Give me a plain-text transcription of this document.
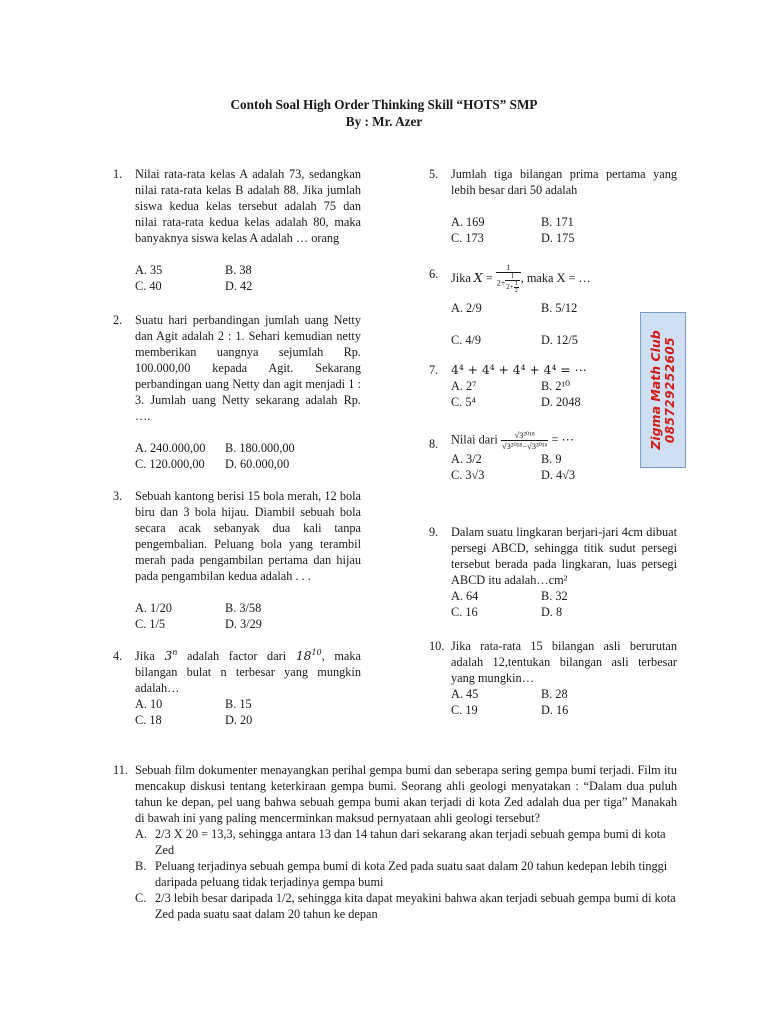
Contoh Soal High Order Thinking Skill “HOTS” SMP
By : Mr. Azer
1. Nilai rata-rata kelas A adalah 73, sedangkan nilai rata-rata kelas B adalah 88. Jika jumlah siswa kedua kelas tersebut adalah 75 dan nilai rata-rata kedua kelas adalah 80, maka banyaknya siswa kelas A adalah … orang
A. 35	B. 38
C. 40	D. 42
2. Suatu hari perbandingan jumlah uang Netty dan Agit adalah 2 : 1. Sehari kemudian netty memberikan uangnya sejumlah Rp. 100.000,00 kepada Agit. Sekarang perbandingan uang Netty dan agit menjadi 1 : 3. Jumlah uang Netty sekarang adalah Rp. ….
A. 240.000,00	B. 180.000,00
C. 120.000,00	D. 60.000,00
3. Sebuah kantong berisi 15 bola merah, 12 bola biru dan 3 bola hijau. Diambil sebuah bola secara acak sebanyak dua kali tanpa pengembalian. Peluang bola yang terambil merah pada pengambilan pertama dan hijau pada pengambilan kedua adalah . . .
A. 1/20	B. 3/58
C. 1/5	D. 3/29
4. Jika 3$^n$ adalah factor dari $18^{10}$, maka bilangan bulat n terbesar yang mungkin adalah…
A. 10	B. 15
C. 18	D. 20
5. Jumlah tiga bilangan prima pertama yang lebih besar dari 50 adalah
A. 169	B. 171
C. 173	D. 175
6. Jika $X = \frac{1}{2+ \frac{1}{2+ \frac{1}{2}}}$ , maka X = …
A. 2/9	B. 5/12
C. 4/9	D. 12/5
7. 4⁴ + 4⁴ + 4⁴ + 4⁴ = ⋯
A. 2⁷	B. 2¹⁰
C. 5⁴	D. 2048
8. Nilai dari $\frac{\text{√3²⁰¹⁸}}{\text{√3²⁰¹⁸−√3²⁰¹⁶}}$ = ⋯
A. 3/2	B. 9
C. 3√3	D. 4√3
Zigma Math Club 085729252605
9. Dalam suatu lingkaran berjari-jari 4cm dibuat persegi ABCD, sehingga titik sudut persegi tersebut berada pada lingkaran, luas persegi ABCD itu adalah…cm²
A. 64	B. 32
C. 16	D. 8
10. Jika rata-rata 15 bilangan asli berurutan adalah 12,tentukan bilangan asli terbesar yang mungkin…
A. 45	B. 28
C. 19	D. 16
11. Sebuah film dokumenter menayangkan perihal gempa bumi dan seberapa sering gempa bumi terjadi. Film itu mencakup diskusi tentang keterkiraan gempa bumi. Seorang ahli geologi menyatakan : “Dalam dua puluh tahun ke depan, pel uang bahwa sebuah gempa bumi akan terjadi di kota Zed adalah dua per tiga” Manakah di bawah ini yang paling mencerminkan maksud pernyataan ahli geologi tersebut?
A. 2/3 X 20 = 13,3, sehingga antara 13 dan 14 tahun dari sekarang akan terjadi sebuah gempa bumi di kota Zed
B. Peluang terjadinya sebuah gempa bumi di kota Zed pada suatu saat dalam 20 tahun kedepan lebih tinggi daripada peluang tidak terjadinya gempa bumi
C. 2/3 lebih besar daripada 1/2, sehingga kita dapat meyakini bahwa akan terjadi sebuah gempa bumi di kota Zed pada suatu saat dalam 20 tahun ke depan
